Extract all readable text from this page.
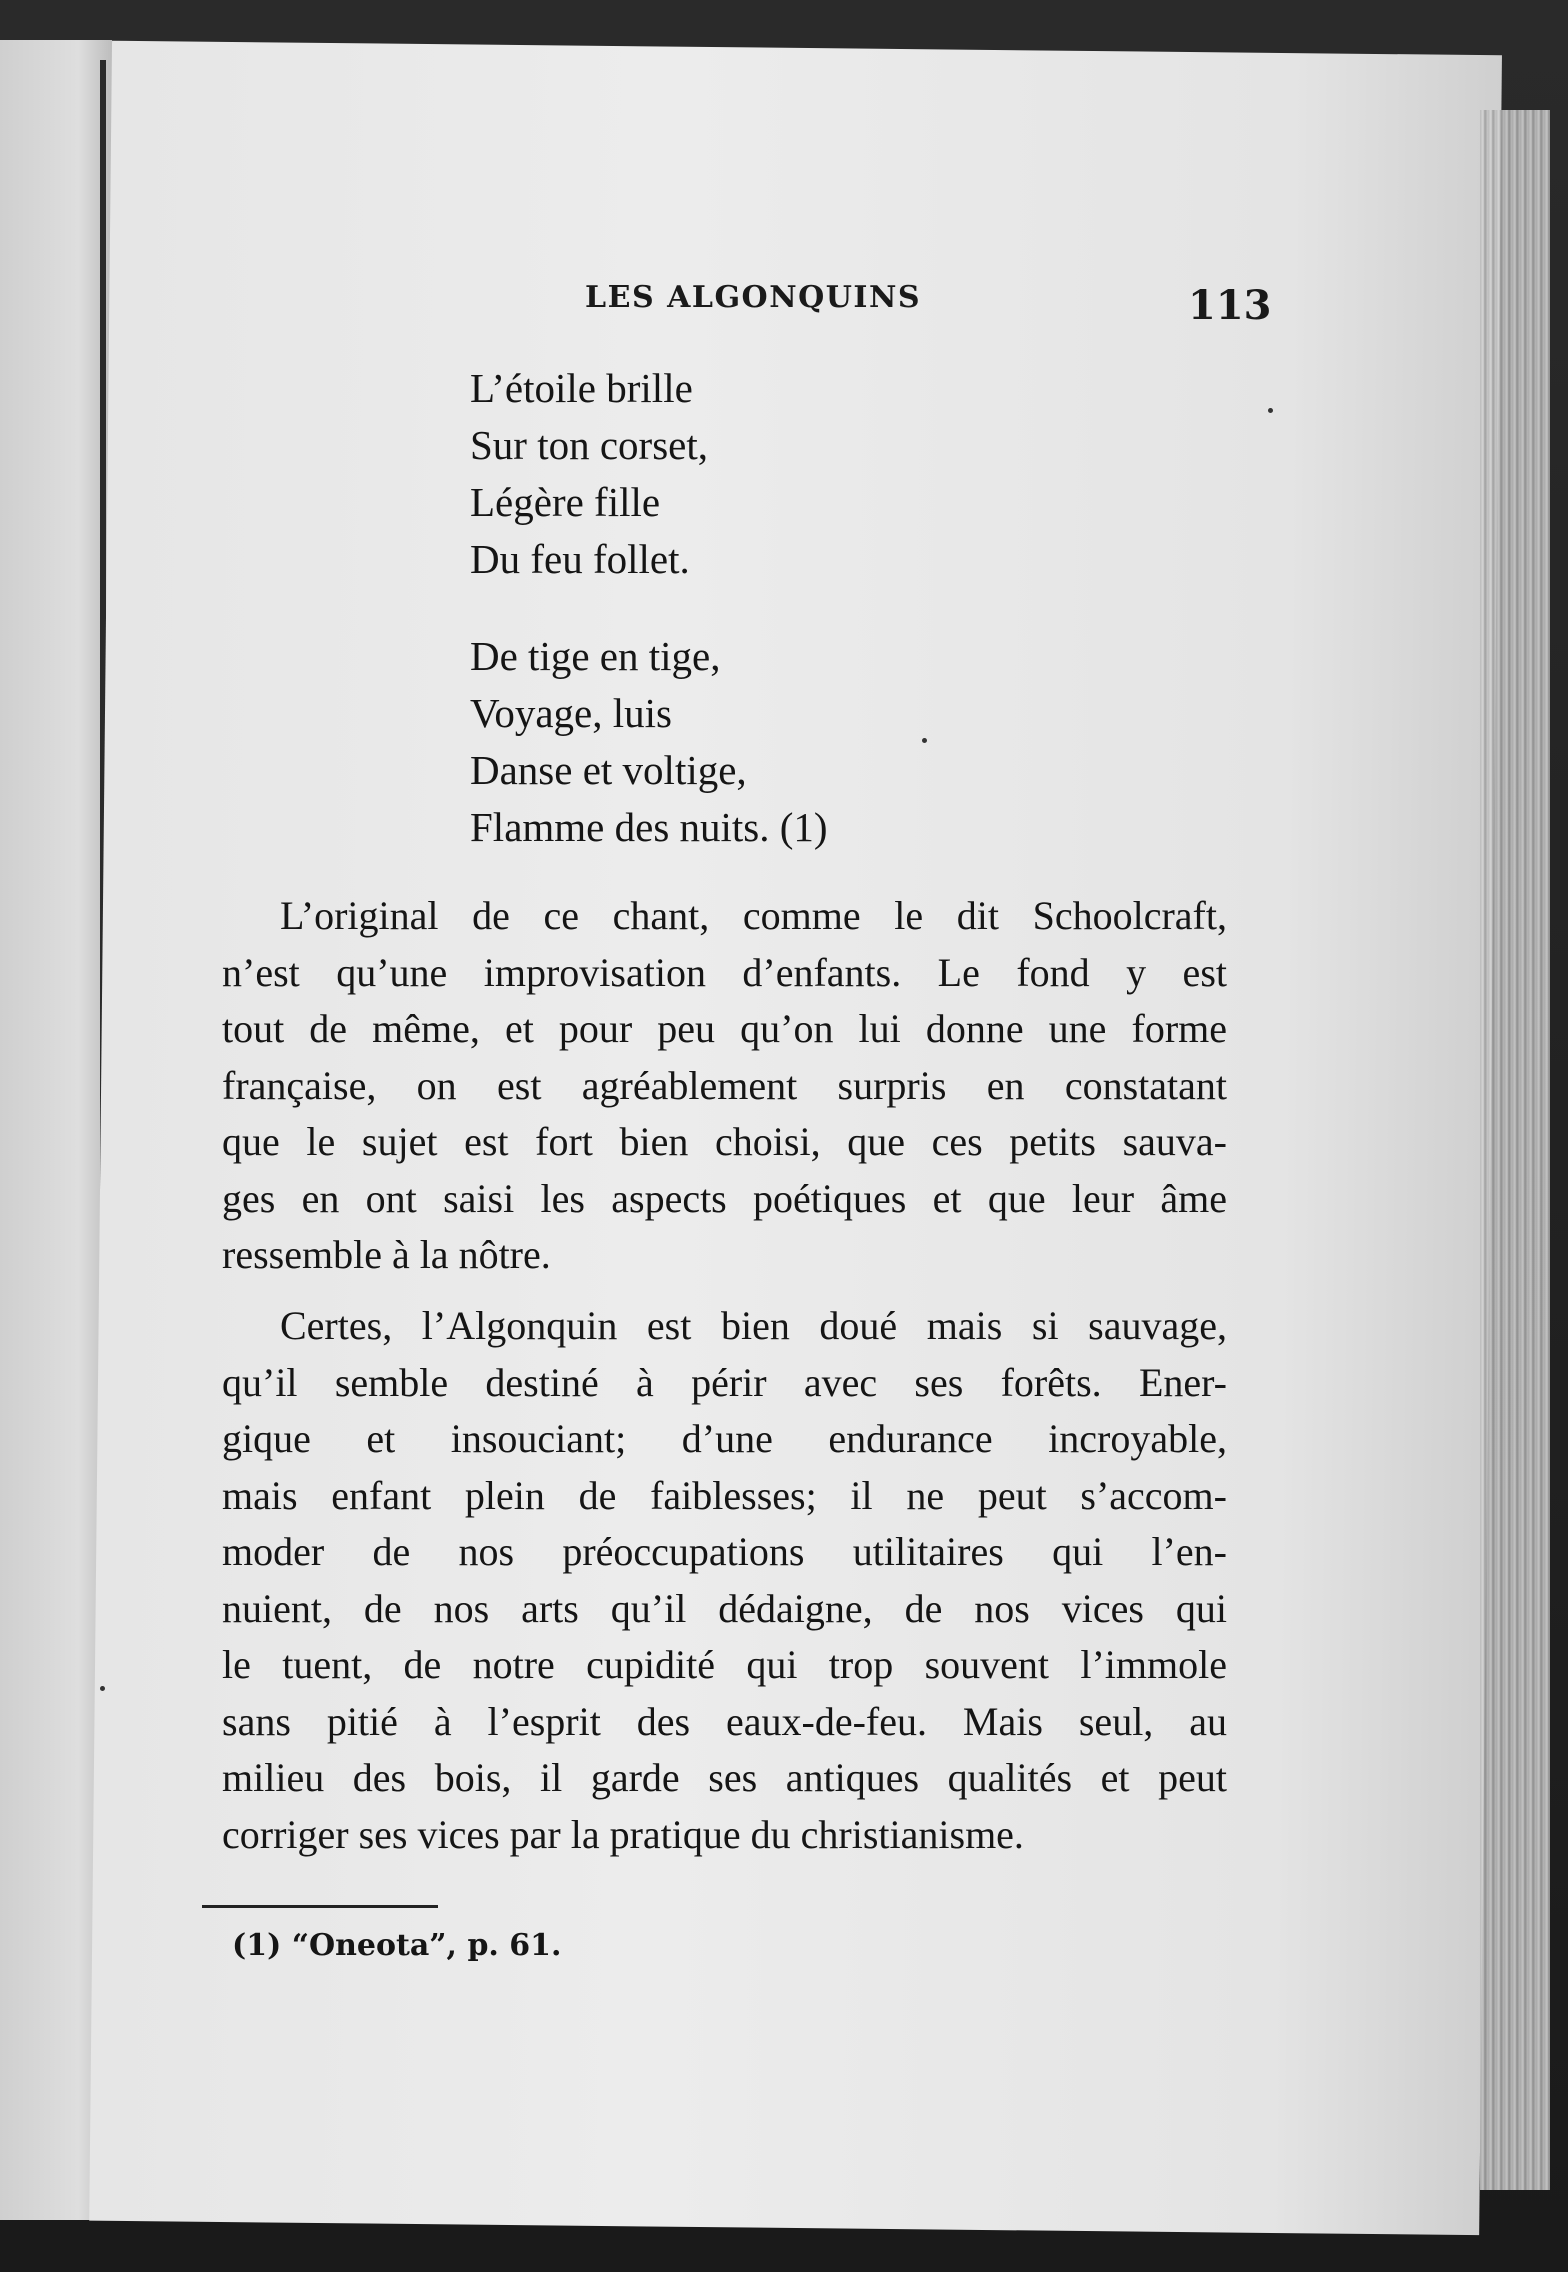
LES ALGONQUINS	113
L’étoile brille
Sur ton corset,
Légère fille
Du feu follet.
De tige en tige,
Voyage, luis
Danse et voltige,
Flamme des nuits. (1)
L’original de ce chant, comme le dit Schoolcraft,
n’est qu’une improvisation d’enfants. Le fond y est
tout de même, et pour peu qu’on lui donne une forme
française, on est agréablement surpris en constatant
que le sujet est fort bien choisi, que ces petits sauva-
ges en ont saisi les aspects poétiques et que leur âme
ressemble à la nôtre.
Certes, l’Algonquin est bien doué mais si sauvage,
qu’il semble destiné à périr avec ses forêts. Ener-
gique et insouciant; d’une endurance incroyable,
mais enfant plein de faiblesses; il ne peut s’accom-
moder de nos préoccupations utilitaires qui l’en-
nuient, de nos arts qu’il dédaigne, de nos vices qui
le tuent, de notre cupidité qui trop souvent l’immole
sans pitié à l’esprit des eaux-de-feu. Mais seul, au
milieu des bois, il garde ses antiques qualités et peut
corriger ses vices par la pratique du christianisme.
(1) “Oneota”, p. 61.
